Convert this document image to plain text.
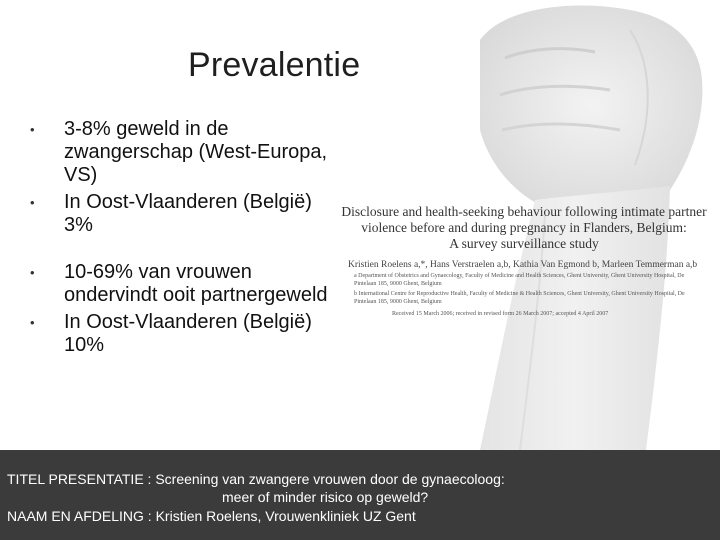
Prevalentie
• 3-8% geweld in de zwangerschap (West-Europa, VS)
• In Oost-Vlaanderen (België) 3%
• 10-69% van vrouwen ondervindt ooit partnergeweld
• In Oost-Vlaanderen (België) 10%
Disclosure and health-seeking behaviour following intimate partner
violence before and during pregnancy in Flanders, Belgium:
A survey surveillance study
Kristien Roelens a,*, Hans Verstraelen a,b, Kathia Van Egmond b, Marleen Temmerman a,b
a Department of Obstetrics and Gynaecology, Faculty of Medicine and Health Sciences, Ghent University, Ghent University Hospital, De Pintelaan 185, 9000 Ghent, Belgium
b International Centre for Reproductive Health, Faculty of Medicine & Health Sciences, Ghent University, Ghent University Hospital, De Pintelaan 185, 9000 Ghent, Belgium
Received 15 March 2006; received in revised form 26 March 2007; accepted 4 April 2007
TITEL PRESENTATIE : Screening van zwangere vrouwen door de gynaecoloog:
meer of minder risico op geweld?
NAAM EN AFDELING : Kristien Roelens, Vrouwenkliniek UZ Gent
